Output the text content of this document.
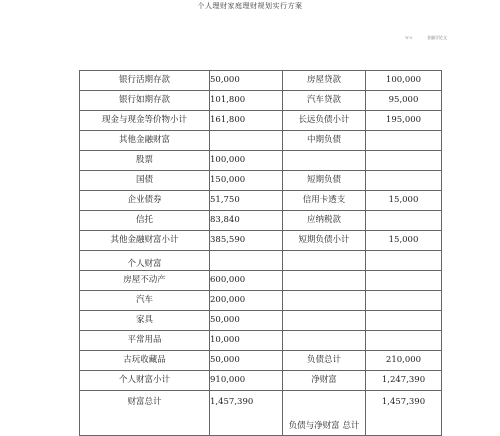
个人理财家庭理财规划实行方案
ｗｏ	金融学论文
银行活期存款	50,000	房屋贷款	100,000
银行如期存款	101,800	汽车贷款	95,000
现金与现金等价物小计	161,800	长远负债小计	195,000
其他金融财富		中期负债	
股票	100,000		
国债	150,000	短期负债	
企业债券	51,750	信用卡透支	15,000
信托	83,840	应纳税款	
其他金融财富小计	385,590	短期负债小计	15,000
个人财富			
房屋不动产	600,000		
汽车	200,000		
家具	50,000		
平常用品	10,000		
古玩收藏品	50,000	负债总计	210,000
个人财富小计	910,000	净财富	1,247,390
财富总计	1,457,390	负债与净财富 总计	1,457,390
